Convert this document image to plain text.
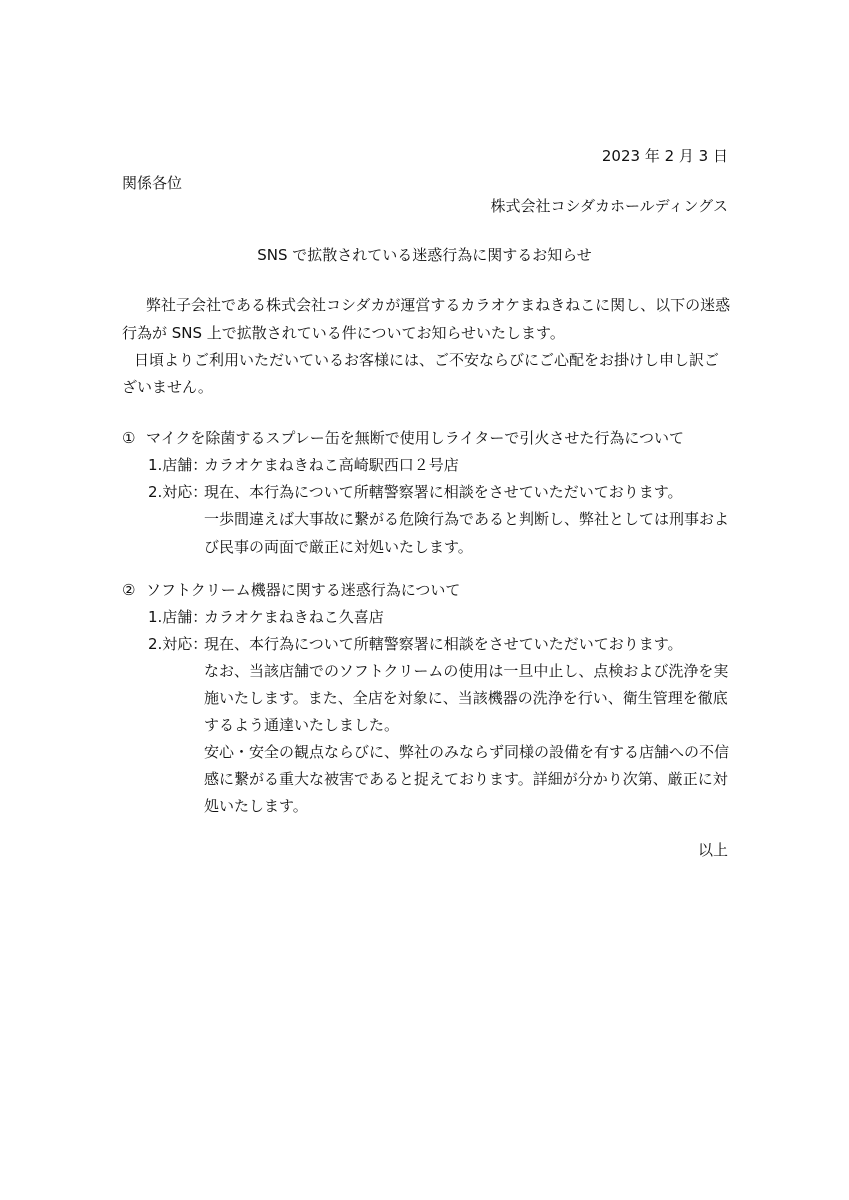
2023 年 2 月 3 日
関係各位
株式会社コシダカホールディングス
SNS で拡散されている迷惑行為に関するお知らせ
弊社子会社である株式会社コシダカが運営するカラオケまねきねこに関し、以下の迷惑
行為が SNS 上で拡散されている件についてお知らせいたします。
日頃よりご利用いただいているお客様には、ご不安ならびにご心配をお掛けし申し訳ご
ざいません。
① マイクを除菌するスプレー缶を無断で使用しライターで引火させた行為について
1.店舗：
カラオケまねきねこ高崎駅西口２号店
2.対応：
現在、本行為について所轄警察署に相談をさせていただいております。
一歩間違えば大事故に繋がる危険行為であると判断し、弊社としては刑事およ
び民事の両面で厳正に対処いたします。
② ソフトクリーム機器に関する迷惑行為について
1.店舗：
カラオケまねきねこ久喜店
2.対応：
現在、本行為について所轄警察署に相談をさせていただいております。
なお、当該店舗でのソフトクリームの使用は一旦中止し、点検および洗浄を実
施いたします。また、全店を対象に、当該機器の洗浄を行い、衛生管理を徹底
するよう通達いたしました。
安心・安全の観点ならびに、弊社のみならず同様の設備を有する店舗への不信
感に繋がる重大な被害であると捉えております。詳細が分かり次第、厳正に対
処いたします。
以上
